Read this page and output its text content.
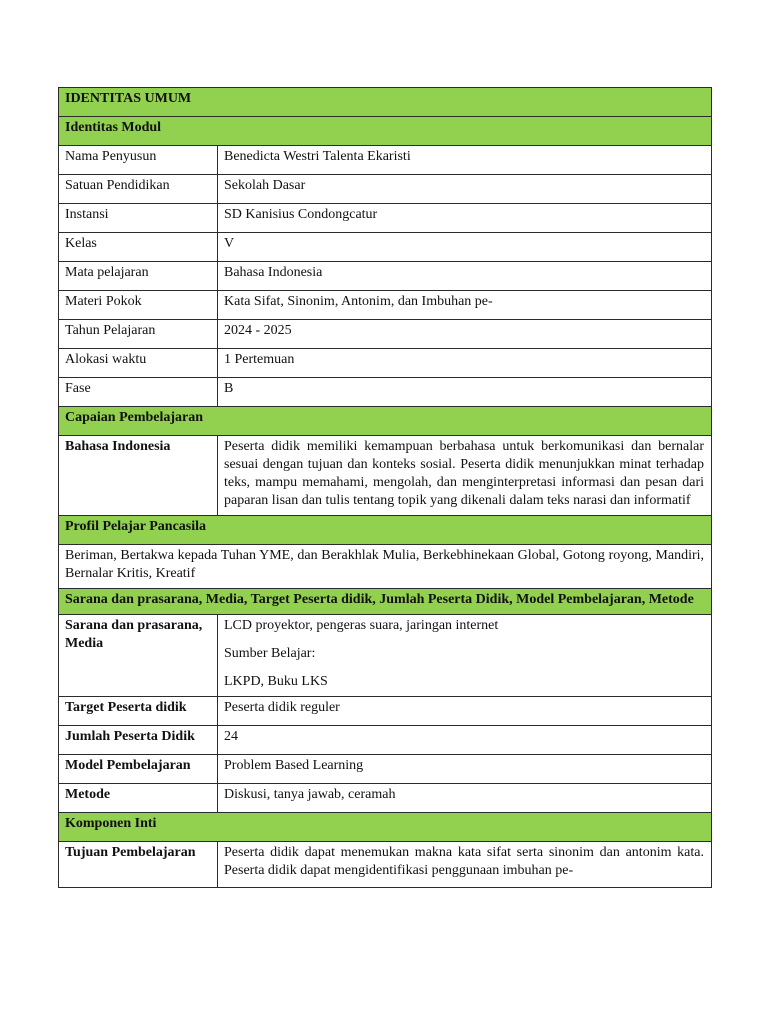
IDENTITAS UMUM	
Identitas Modul	
Nama Penyusun	Benedicta Westri Talenta Ekaristi
Satuan Pendidikan	Sekolah Dasar
Instansi	SD Kanisius Condongcatur
Kelas	V
Mata pelajaran	Bahasa Indonesia
Materi Pokok	Kata Sifat, Sinonim, Antonim, dan Imbuhan pe-
Tahun Pelajaran	2024 - 2025
Alokasi waktu	1 Pertemuan
Fase	B
Capaian Pembelajaran	
Bahasa Indonesia	Peserta didik memiliki kemampuan berbahasa untuk berkomunikasi dan bernalar sesuai dengan tujuan dan konteks sosial. Peserta didik menunjukkan minat terhadap teks, mampu memahami, mengolah, dan menginterpretasi informasi dan pesan dari paparan lisan dan tulis tentang topik yang dikenali dalam teks narasi dan informatif
Profil Pelajar Pancasila	
Beriman, Bertakwa kepada Tuhan YME, dan Berakhlak Mulia, Berkebhinekaan Global, Gotong royong, Mandiri, Bernalar Kritis, Kreatif	
Sarana dan prasarana, Media, Target Peserta didik, Jumlah Peserta Didik, Model Pembelajaran, Metode	
Sarana dan prasarana, Media	LCD proyektor, pengeras suara, jaringan internet

Sumber Belajar:

LKPD, Buku LKS

Target Peserta didik	Peserta didik reguler
Jumlah Peserta Didik	24
Model Pembelajaran	Problem Based Learning
Metode	Diskusi, tanya jawab, ceramah
Komponen Inti	
Tujuan Pembelajaran	Peserta didik dapat menemukan makna kata sifat serta sinonim dan antonim kata. Peserta didik dapat mengidentifikasi penggunaan imbuhan pe-
